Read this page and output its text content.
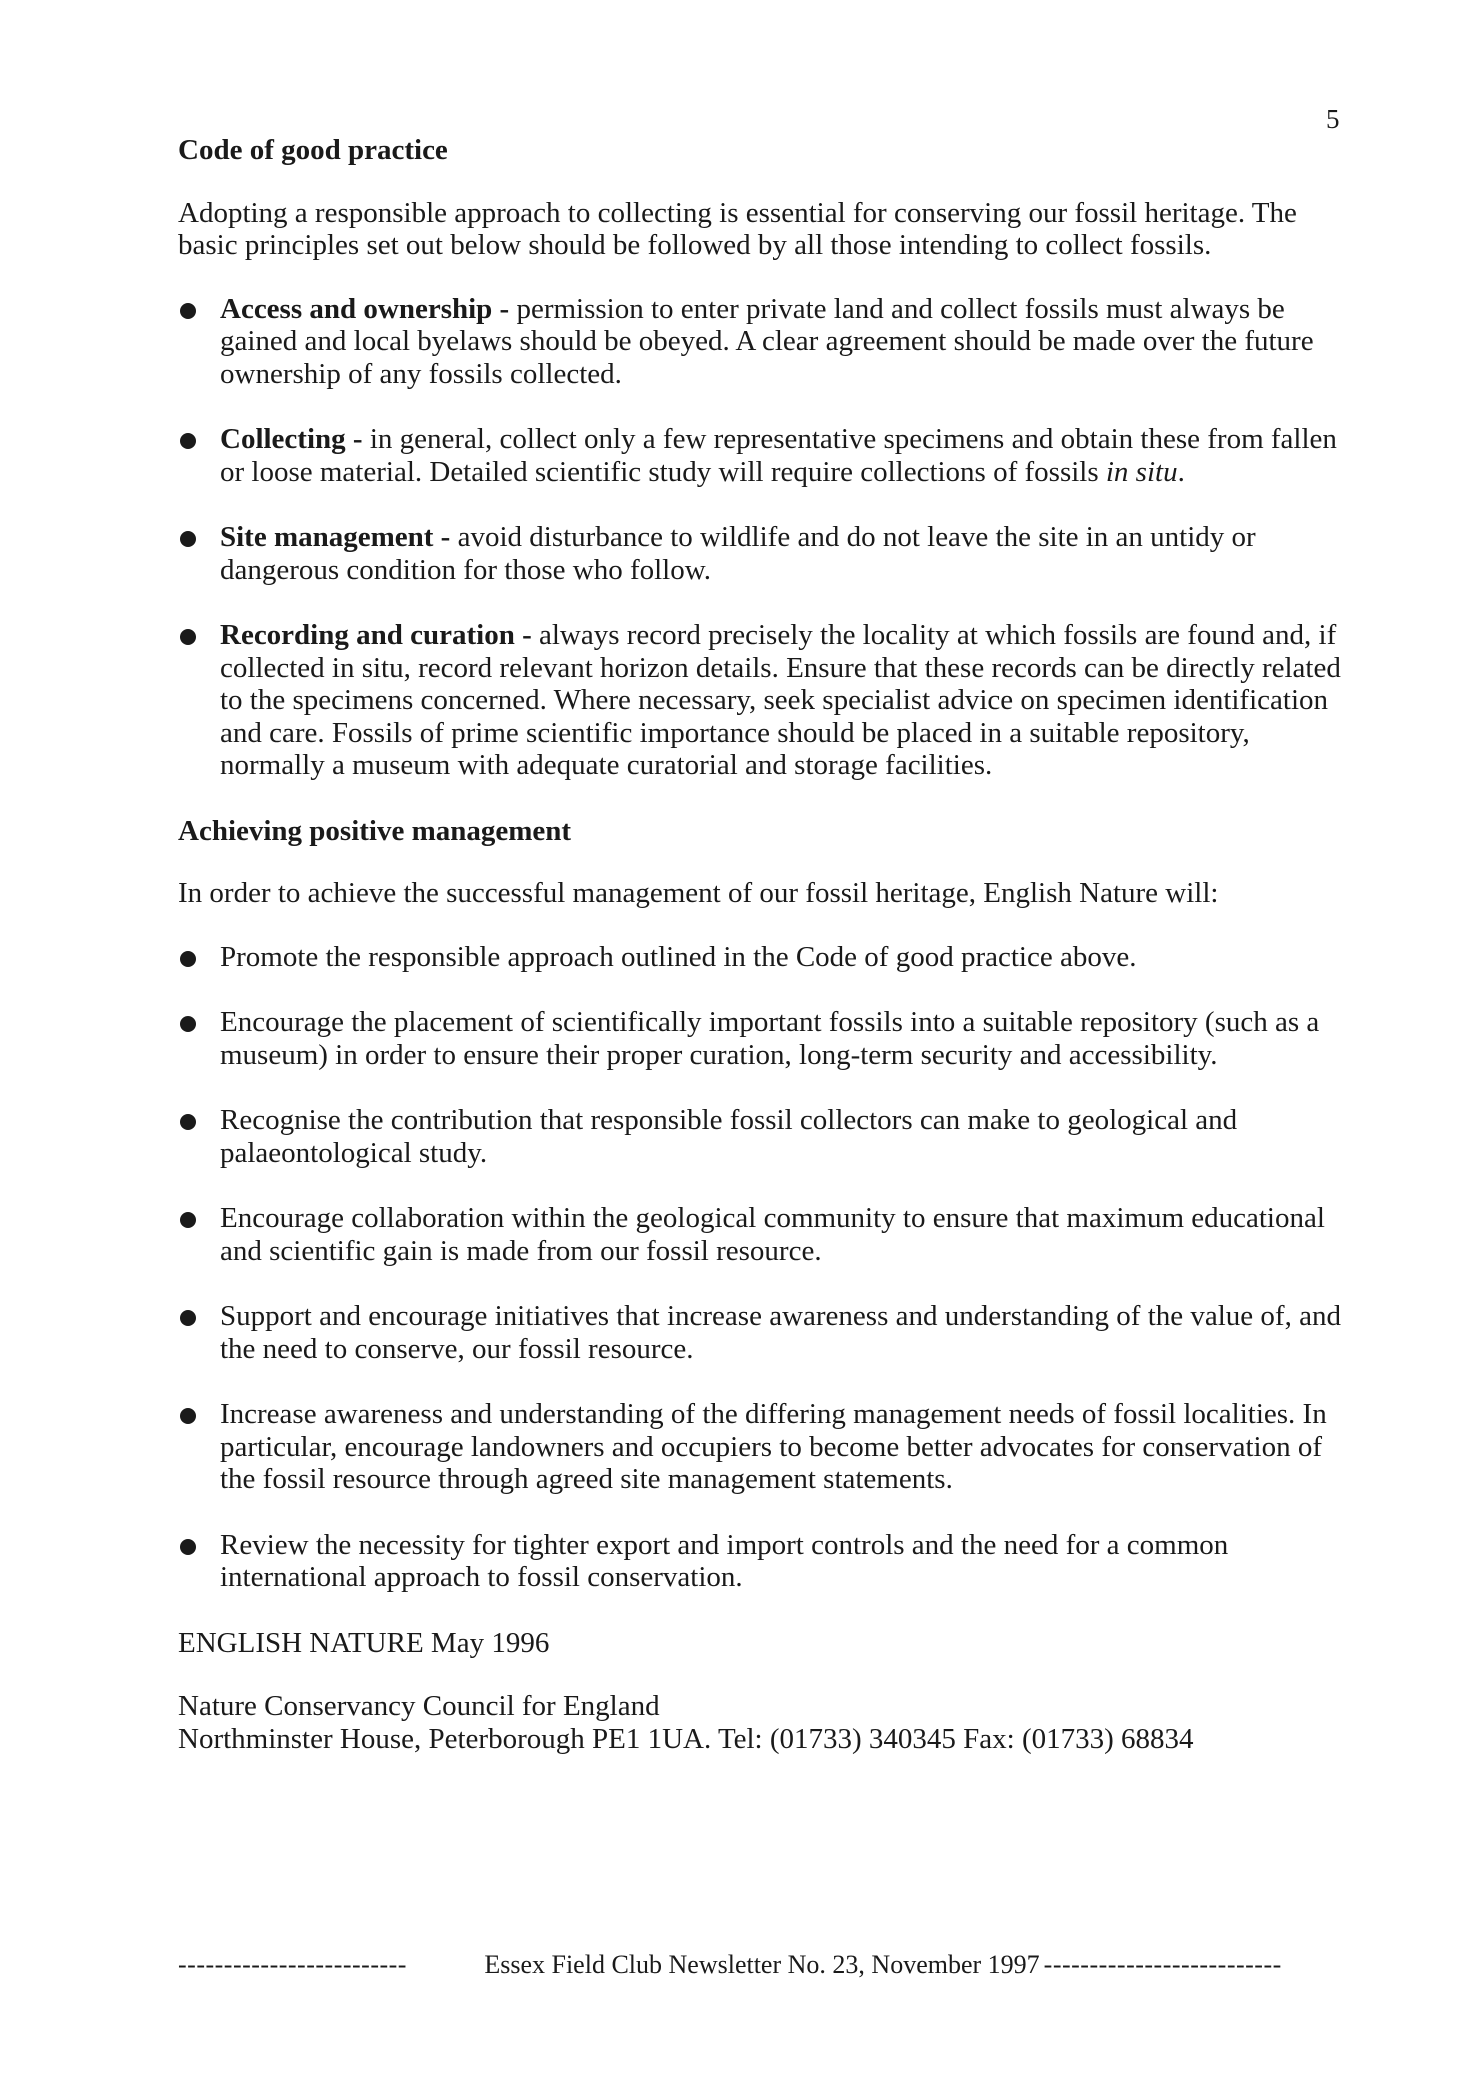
5
Code of good practice

Adopting a responsible approach to collecting is essential for conserving our fossil heritage. The basic principles set out below should be followed by all those intending to collect fossils.

Access and ownership - permission to enter private land and collect fossils must always be gained and local byelaws should be obeyed. A clear agreement should be made over the future ownership of any fossils collected.
Collecting - in general, collect only a few representative specimens and obtain these from fallen or loose material. Detailed scientific study will require collections of fossils in situ.
Site management - avoid disturbance to wildlife and do not leave the site in an untidy or dangerous condition for those who follow.
Recording and curation - always record precisely the locality at which fossils are found and, if collected in situ, record relevant horizon details. Ensure that these records can be directly related to the specimens concerned. Where necessary, seek specialist advice on specimen identification and care. Fossils of prime scientific importance should be placed in a suitable repository, normally a museum with adequate curatorial and storage facilities.
Achieving positive management

In order to achieve the successful management of our fossil heritage, English Nature will:

Promote the responsible approach outlined in the Code of good practice above.
Encourage the placement of scientifically important fossils into a suitable repository (such as a museum) in order to ensure their proper curation, long-term security and accessibility.
Recognise the contribution that responsible fossil collectors can make to geological and palaeontological study.
Encourage collaboration within the geological community to ensure that maximum educational and scientific gain is made from our fossil resource.
Support and encourage initiatives that increase awareness and understanding of the value of, and the need to conserve, our fossil resource.
Increase awareness and understanding of the differing management needs of fossil localities. In particular, encourage landowners and occupiers to become better advocates for conservation of the fossil resource through agreed site management statements.
Review the necessity for tighter export and import controls and the need for a common international approach to fossil conservation.

ENGLISH NATURE May 1996

Nature Conservancy Council for England

Northminster House, Peterborough PE1 1UA. Tel: (01733) 340345 Fax: (01733) 68834

-------------------------	Essex Field Club Newsletter No. 23, November 1997 --------------------------
